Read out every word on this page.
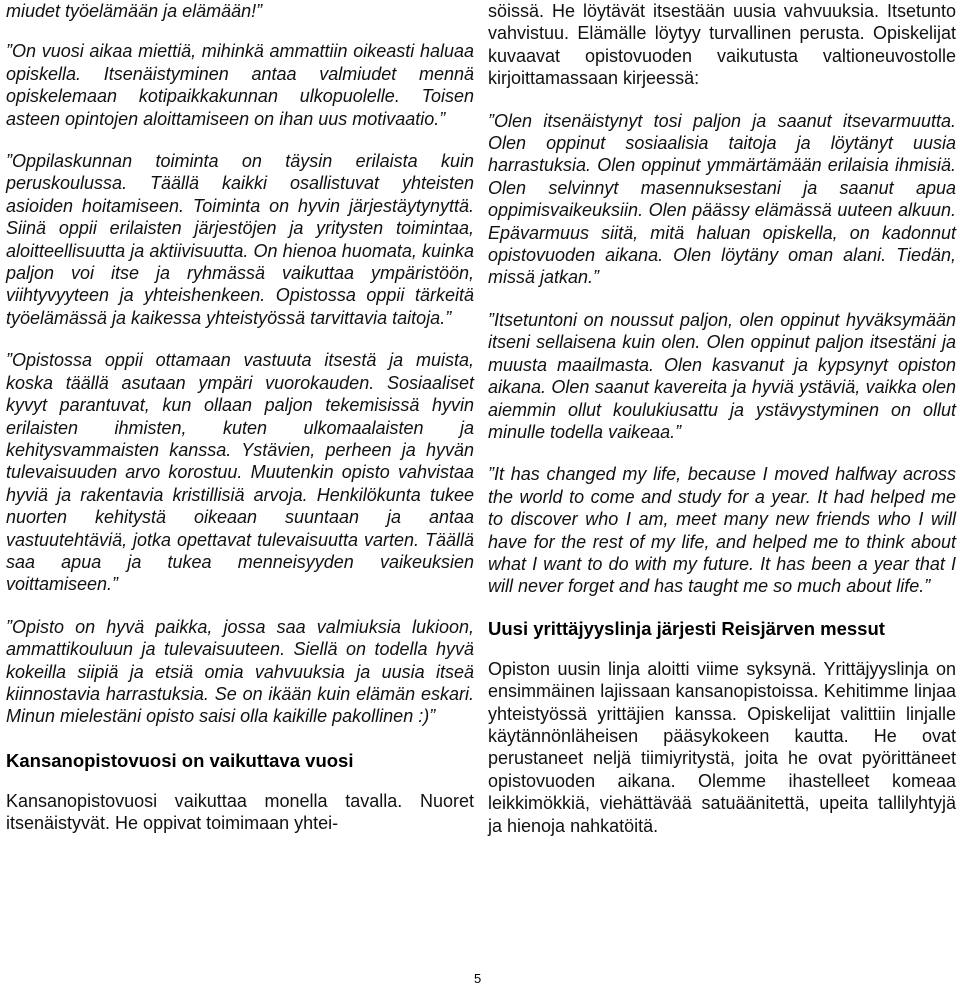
miudet työelämään ja elämään!”

”On vuosi aikaa miettiä, mihinkä ammattiin oikeasti haluaa opiskella. Itsenäistyminen antaa valmiudet mennä opiskelemaan kotipaikkakunnan ulkopuolelle. Toisen asteen opintojen aloittamiseen on ihan uus motivaatio.”

”Oppilaskunnan toiminta on täysin erilaista kuin peruskoulussa. Täällä kaikki osallistuvat yhteisten asioiden hoitamiseen. Toiminta on hyvin järjestäytynyttä. Siinä oppii erilaisten järjestöjen ja yritysten toimintaa, aloitteellisuutta ja aktiivisuutta. On hienoa huomata, kuinka paljon voi itse ja ryhmässä vaikuttaa ympäristöön, viihtyvyyteen ja yhteishenkeen. Opistossa oppii tärkeitä työelämässä ja kaikessa yhteistyössä tarvittavia taitoja.”

”Opistossa oppii ottamaan vastuuta itsestä ja muista, koska täällä asutaan ympäri vuorokauden. Sosiaaliset kyvyt parantuvat, kun ollaan paljon tekemisissä hyvin erilaisten ihmisten, kuten ulkomaalaisten ja kehitysvammaisten kanssa. Ystävien, perheen ja hyvän tulevaisuuden arvo korostuu. Muutenkin opisto vahvistaa hyviä ja rakentavia kristillisiä arvoja. Henkilökunta tukee nuorten kehitystä oikeaan suuntaan ja antaa vastuutehtäviä, jotka opettavat tulevaisuutta varten. Täällä saa apua ja tukea menneisyyden vaikeuksien voittamiseen.”

”Opisto on hyvä paikka, jossa saa valmiuksia lukioon, ammattikouluun ja tulevaisuuteen. Siellä on todella hyvä kokeilla siipiä ja etsiä omia vahvuuksia ja uusia itseä kiinnostavia harrastuksia. Se on ikään kuin elämän eskari. Minun mielestäni opisto saisi olla kaikille pakollinen :)”

Kansanopistovuosi on vaikuttava vuosi

Kansanopistovuosi vaikuttaa monella tavalla. Nuoret itsenäistyvät. He oppivat toimimaan yhtei-

söissä. He löytävät itsestään uusia vahvuuksia. Itsetunto vahvistuu. Elämälle löytyy turvallinen perusta. Opiskelijat kuvaavat opistovuoden vaikutusta valtioneuvostolle kirjoittamassaan kirjeessä:

”Olen itsenäistynyt tosi paljon ja saanut itsevarmuutta. Olen oppinut sosiaalisia taitoja ja löytänyt uusia harrastuksia. Olen oppinut ymmärtämään erilaisia ihmisiä. Olen selvinnyt masennuksestani ja saanut apua oppimisvaikeuksiin. Olen päässy elämässä uuteen alkuun. Epävarmuus siitä, mitä haluan opiskella, on kadonnut opistovuoden aikana. Olen löytäny oman alani. Tiedän, missä jatkan.”

”Itsetuntoni on noussut paljon, olen oppinut hyväksymään itseni sellaisena kuin olen. Olen oppinut paljon itsestäni ja muusta maailmasta. Olen kasvanut ja kypsynyt opiston aikana. Olen saanut kavereita ja hyviä ystäviä, vaikka olen aiemmin ollut koulukiusattu ja ystävystyminen on ollut minulle todella vaikeaa.”

”It has changed my life, because I moved halfway across the world to come and study for a year. It had helped me to discover who I am, meet many new friends who I will have for the rest of my life, and helped me to think about what I want to do with my future. It has been a year that I will never forget and has taught me so much about life.”

Uusi yrittäjyyslinja järjesti Reisjärven messut

Opiston uusin linja aloitti viime syksynä. Yrittäjyyslinja on ensimmäinen lajissaan kansanopistoissa. Kehitimme linjaa yhteistyössä yrittäjien kanssa. Opiskelijat valittiin linjalle käytännönläheisen pääsykokeen kautta. He ovat perustaneet neljä tiimiyritystä, joita he ovat pyörittäneet opistovuoden aikana. Olemme ihastelleet komeaa leikkimökkiä, viehättävää satuäänitettä, upeita tallilyhtyjä ja hienoja nahkatöitä.

5
